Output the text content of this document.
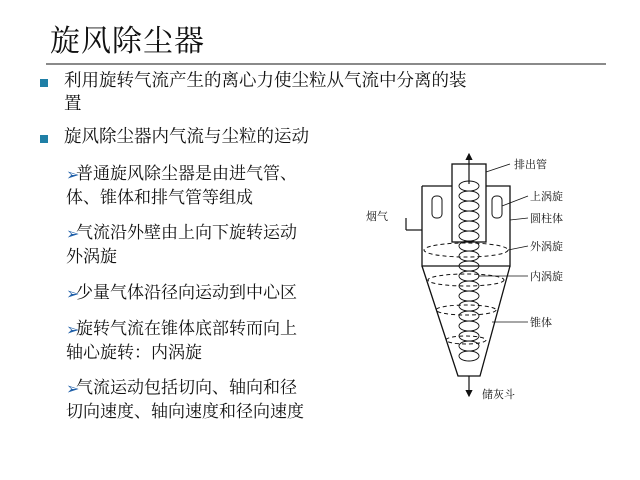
旋风除尘器
利用旋转气流产生的离心力使尘粒从气流中分离的装
置
旋风除尘器内气流与尘粒的运动
➢
普通旋风除尘器是由进气管、
体、锥体和排气管等组成
➢
气流沿外壁由上向下旋转运动
外涡旋
➢
少量气体沿径向运动到中心区
➢
旋转气流在锥体底部转而向上
轴心旋转：内涡旋
➢
气流运动包括切向、轴向和径
切向速度、轴向速度和径向速度
排出管
上涡旋
圆柱体
外涡旋
内涡旋
锥体
储灰斗
烟气
